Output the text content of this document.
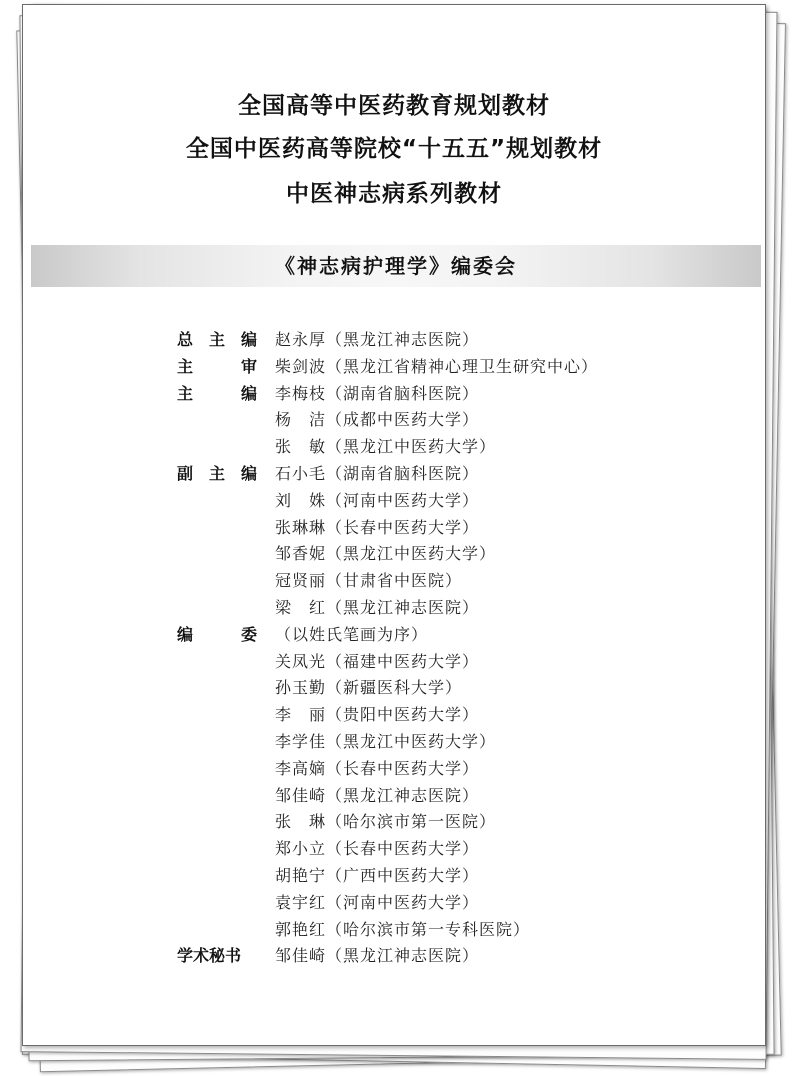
全国高等中医药教育规划教材
全国中医药高等院校“十五五”规划教材
中医神志病系列教材
《神志病护理学》编委会
总 主 编 赵永厚（黑龙江神志医院）
主	审 柴剑波（黑龙江省精神心理卫生研究中心）
主	编 李梅枝（湖南省脑科医院）
杨　洁（成都中医药大学）
张　敏（黑龙江中医药大学）
副 主 编 石小毛（湖南省脑科医院）
刘　姝（河南中医药大学）
张琳琳（长春中医药大学）
邹香妮（黑龙江中医药大学）
冠贤丽（甘肃省中医院）
梁　红（黑龙江神志医院）
编	委 （以姓氏笔画为序）
关凤光（福建中医药大学）
孙玉勤（新疆医科大学）
李　丽（贵阳中医药大学）
李学佳（黑龙江中医药大学）
李高嫡（长春中医药大学）
邹佳崎（黑龙江神志医院）
张　琳（哈尔滨市第一医院）
郑小立（长春中医药大学）
胡艳宁（广西中医药大学）
袁宇红（河南中医药大学）
郭艳红（哈尔滨市第一专科医院）
学 术 秘 书 邹佳崎（黑龙江神志医院）
